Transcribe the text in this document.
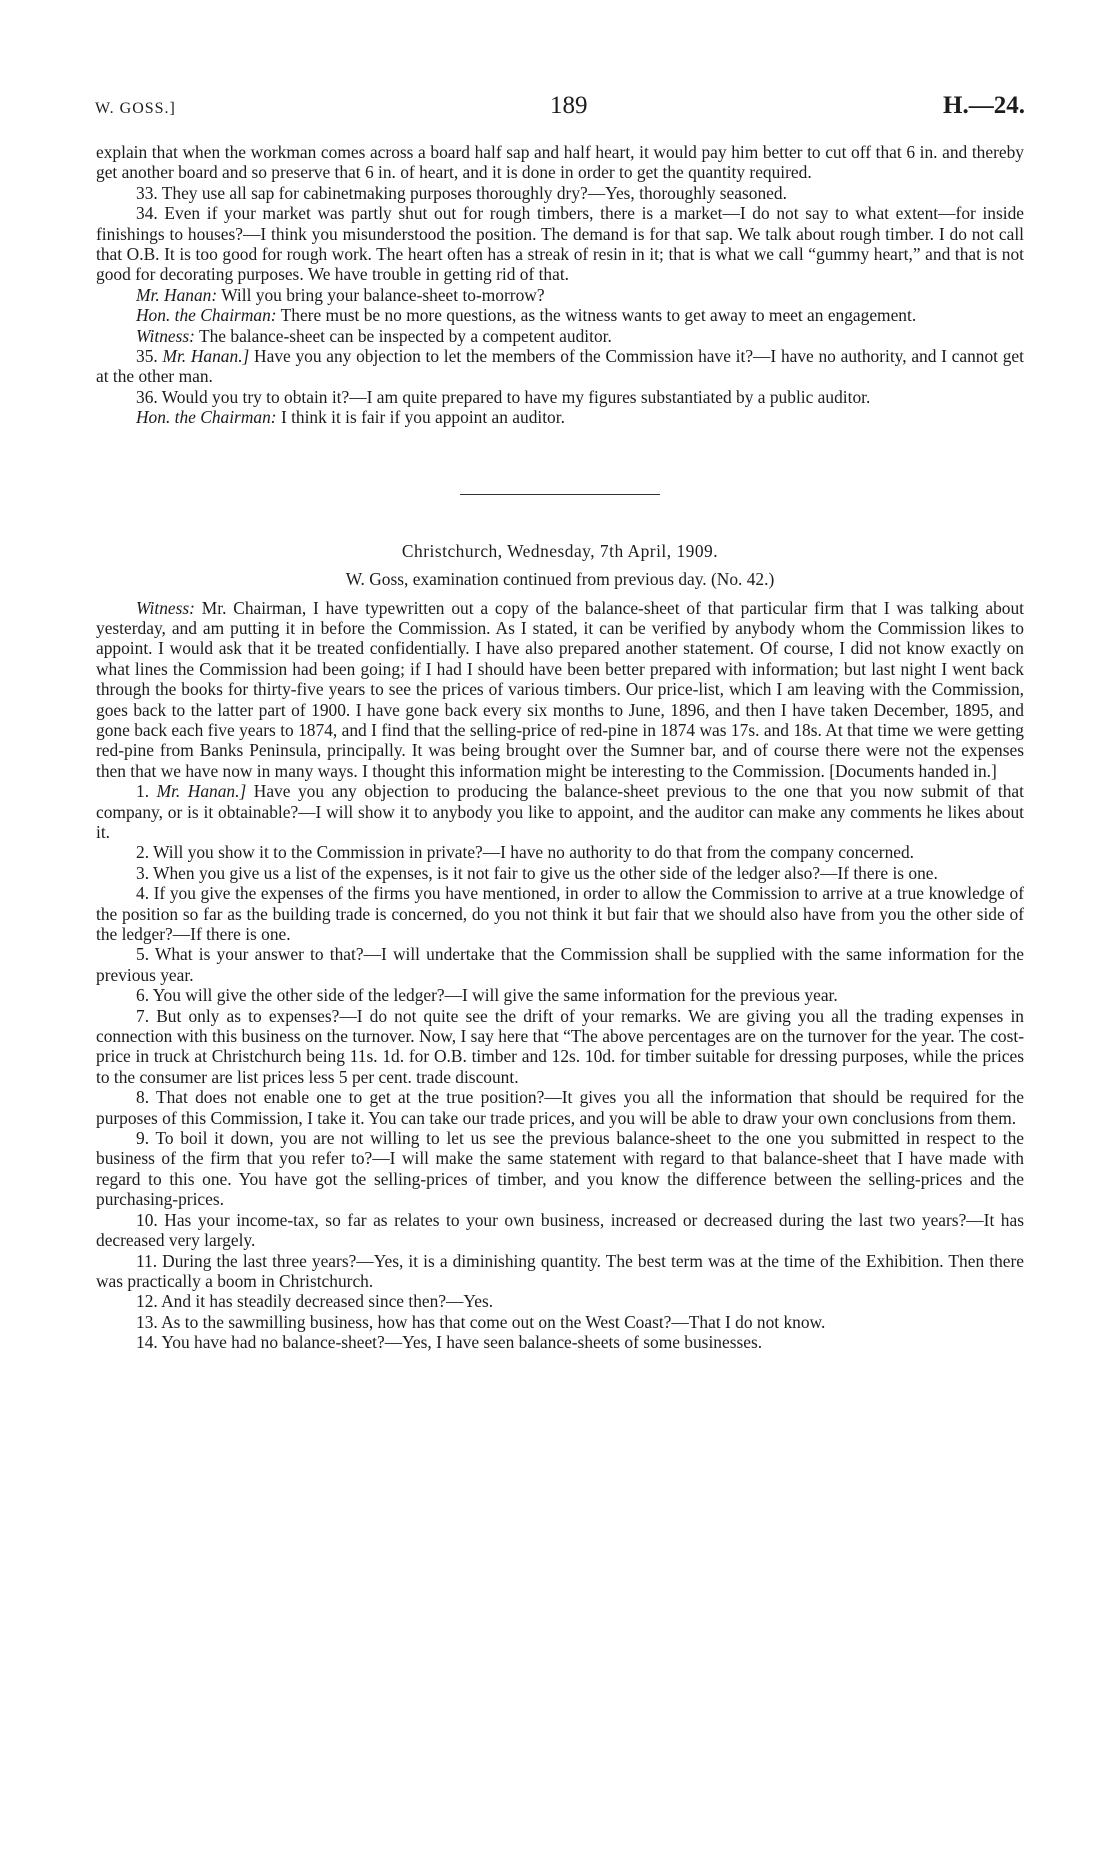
W. GOSS.]	189	H.—24.

explain that when the workman comes across a board half sap and half heart, it would pay him better to cut off that 6 in. and thereby get another board and so preserve that 6 in. of heart, and it is done in order to get the quantity required.

33. They use all sap for cabinetmaking purposes thoroughly dry?—Yes, thoroughly seasoned.

34. Even if your market was partly shut out for rough timbers, there is a market—I do not say to what extent—for inside finishings to houses?—I think you misunderstood the position. The demand is for that sap. We talk about rough timber. I do not call that O.B. It is too good for rough work. The heart often has a streak of resin in it; that is what we call “gummy heart,” and that is not good for decorating purposes. We have trouble in getting rid of that.

Mr. Hanan: Will you bring your balance-sheet to-morrow?

Hon. the Chairman: There must be no more questions, as the witness wants to get away to meet an engagement.

Witness: The balance-sheet can be inspected by a competent auditor.

35. Mr. Hanan.] Have you any objection to let the members of the Commission have it?—I have no authority, and I cannot get at the other man.

36. Would you try to obtain it?—I am quite prepared to have my figures substantiated by a public auditor.

Hon. the Chairman: I think it is fair if you appoint an auditor.

Christchurch, Wednesday, 7th April, 1909.

W. Goss, examination continued from previous day. (No. 42.)

Witness: Mr. Chairman, I have typewritten out a copy of the balance-sheet of that particular firm that I was talking about yesterday, and am putting it in before the Commission. As I stated, it can be verified by anybody whom the Commission likes to appoint. I would ask that it be treated confidentially. I have also prepared another statement. Of course, I did not know exactly on what lines the Commission had been going; if I had I should have been better prepared with information; but last night I went back through the books for thirty-five years to see the prices of various timbers. Our price-list, which I am leaving with the Commission, goes back to the latter part of 1900. I have gone back every six months to June, 1896, and then I have taken December, 1895, and gone back each five years to 1874, and I find that the selling-price of red-pine in 1874 was 17s. and 18s. At that time we were getting red-pine from Banks Peninsula, principally. It was being brought over the Sumner bar, and of course there were not the expenses then that we have now in many ways. I thought this information might be interesting to the Commission. [Documents handed in.]

1. Mr. Hanan.] Have you any objection to producing the balance-sheet previous to the one that you now submit of that company, or is it obtainable?—I will show it to anybody you like to appoint, and the auditor can make any comments he likes about it.

2. Will you show it to the Commission in private?—I have no authority to do that from the company concerned.

3. When you give us a list of the expenses, is it not fair to give us the other side of the ledger also?—If there is one.

4. If you give the expenses of the firms you have mentioned, in order to allow the Commission to arrive at a true knowledge of the position so far as the building trade is concerned, do you not think it but fair that we should also have from you the other side of the ledger?—If there is one.

5. What is your answer to that?—I will undertake that the Commission shall be supplied with the same information for the previous year.

6. You will give the other side of the ledger?—I will give the same information for the previous year.

7. But only as to expenses?—I do not quite see the drift of your remarks. We are giving you all the trading expenses in connection with this business on the turnover. Now, I say here that “The above percentages are on the turnover for the year. The cost-price in truck at Christchurch being 11s. 1d. for O.B. timber and 12s. 10d. for timber suitable for dressing purposes, while the prices to the consumer are list prices less 5 per cent. trade discount.

8. That does not enable one to get at the true position?—It gives you all the information that should be required for the purposes of this Commission, I take it. You can take our trade prices, and you will be able to draw your own conclusions from them.

9. To boil it down, you are not willing to let us see the previous balance-sheet to the one you submitted in respect to the business of the firm that you refer to?—I will make the same statement with regard to that balance-sheet that I have made with regard to this one. You have got the selling-prices of timber, and you know the difference between the selling-prices and the purchasing-prices.

10. Has your income-tax, so far as relates to your own business, increased or decreased during the last two years?—It has decreased very largely.

11. During the last three years?—Yes, it is a diminishing quantity. The best term was at the time of the Exhibition. Then there was practically a boom in Christchurch.

12. And it has steadily decreased since then?—Yes.

13. As to the sawmilling business, how has that come out on the West Coast?—That I do not know.

14. You have had no balance-sheet?—Yes, I have seen balance-sheets of some businesses.
